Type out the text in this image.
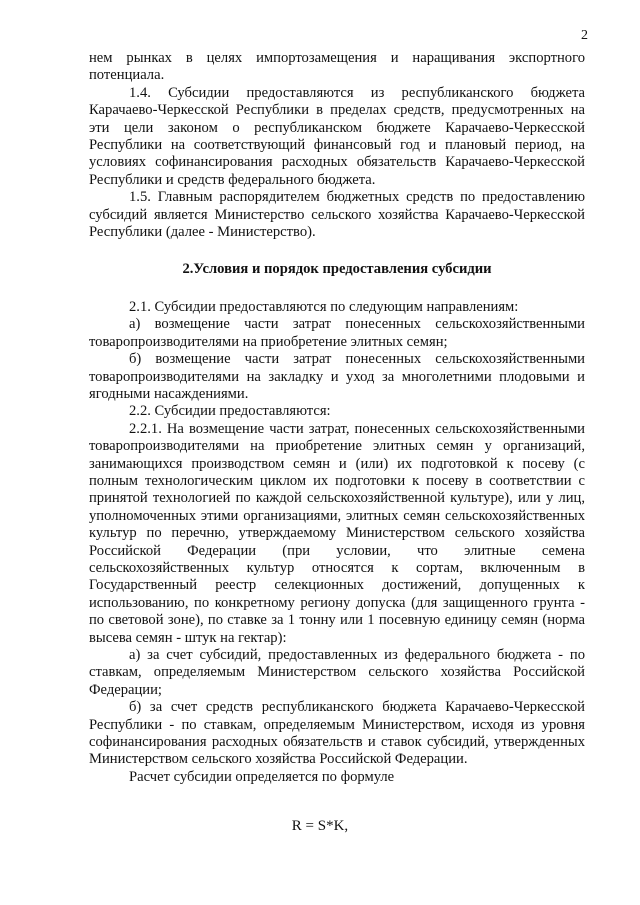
2

нем рынках в целях импортозамещения и наращивания экспортного потенциала.

1.4. Субсидии предоставляются из республиканского бюджета Карачаево-Черкесской Республики в пределах средств, предусмотренных на эти цели законом о республиканском бюджете Карачаево-Черкесской Республики на соответствующий финансовый год и плановый период, на условиях софинансирования расходных обязательств Карачаево-Черкесской Республики и средств федерального бюджета.

1.5. Главным распорядителем бюджетных средств по предоставлению субсидий является Министерство сельского хозяйства Карачаево-Черкесской Республики (далее - Министерство).

2.Условия и порядок предоставления субсидии

2.1. Субсидии предоставляются по следующим направлениям:

а) возмещение части затрат понесенных сельскохозяйственными товаропроизводителями на приобретение элитных семян;

б) возмещение части затрат понесенных сельскохозяйственными товаропроизводителями на закладку и уход за многолетними плодовыми и ягодными насаждениями.

2.2. Субсидии предоставляются:

2.2.1. На возмещение части затрат, понесенных сельскохозяйственными товаропроизводителями на приобретение элитных семян у организаций, занимающихся производством семян и (или) их подготовкой к посеву (с полным технологическим циклом их подготовки к посеву в соответствии с принятой технологией по каждой сельскохозяйственной культуре), или у лиц, уполномоченных этими организациями, элитных семян сельскохозяйственных культур по перечню, утверждаемому Министерством сельского хозяйства Российской Федерации (при условии, что элитные семена сельскохозяйственных культур относятся к сортам, включенным в Государственный реестр селекционных достижений, допущенных к использованию, по конкретному региону допуска (для защищенного грунта - по световой зоне), по ставке за 1 тонну или 1 посевную единицу семян (норма высева семян - штук на гектар):

а) за счет субсидий, предоставленных из федерального бюджета - по ставкам, определяемым Министерством сельского хозяйства Российской Федерации;

б) за счет средств республиканского бюджета Карачаево-Черкесской Республики - по ставкам, определяемым Министерством, исходя из уровня софинансирования расходных обязательств и ставок субсидий, утвержденных Министерством сельского хозяйства Российской Федерации.

Расчет субсидии определяется по формуле

R = S*K,
